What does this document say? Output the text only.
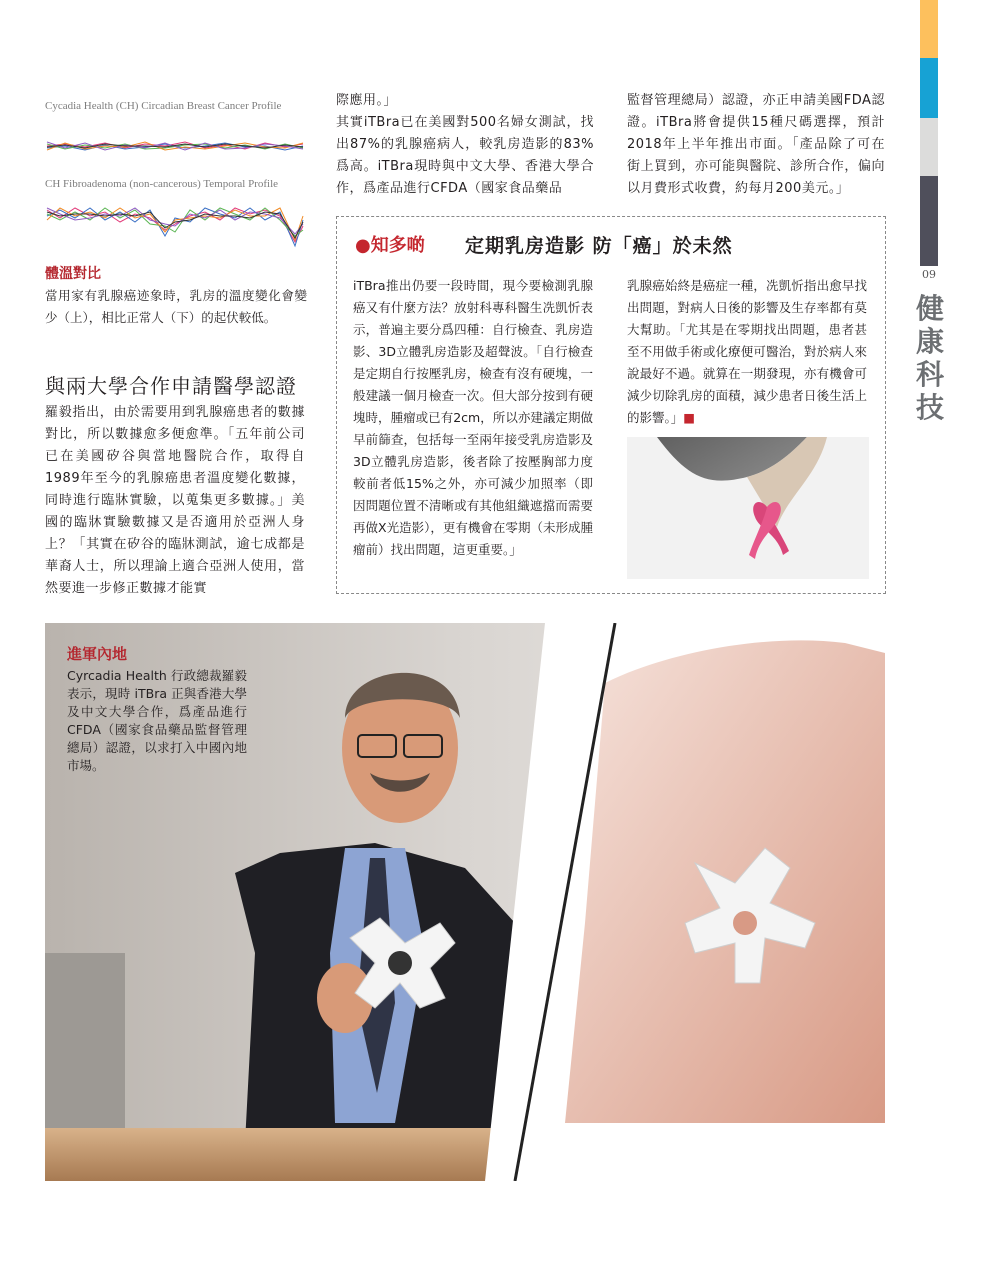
09
健
康
科
技
Cycadia Health (CH) Circadian Breast Cancer Profile
CH Fibroadenoma (non-cancerous) Temporal Profile
體溫對比
當用家有乳腺癌迹象時，乳房的溫度變化會變少（上），相比正常人（下）的起伏較低。
與兩大學合作申請醫學認證
羅毅指出，由於需要用到乳腺癌患者的數據對比，所以數據愈多便愈準。「五年前公司已在美國矽谷與當地醫院合作，取得自1989年至今的乳腺癌患者溫度變化數據，同時進行臨牀實驗，以蒐集更多數據。」美國的臨牀實驗數據又是否適用於亞洲人身上？「其實在矽谷的臨牀測試，逾七成都是華裔人士，所以理論上適合亞洲人使用，當然要進一步修正數據才能實
際應用。」
其實iTBra已在美國對500名婦女測試，找出87%的乳腺癌病人，較乳房造影的83%爲高。iTBra現時與中文大學、香港大學合作，爲產品進行CFDA（國家食品藥品
監督管理總局）認證，亦正申請美國FDA認證。iTBra將會提供15種尺碼選擇，預計2018年上半年推出市面。「產品除了可在街上買到，亦可能與醫院、診所合作，偏向以月費形式收費，約每月200美元。」
●知多啲 定期乳房造影 防「癌」於未然
iTBra推出仍要一段時間，現今要檢測乳腺癌又有什麼方法？放射科專科醫生冼凱忻表示，普遍主要分爲四種：自行檢查、乳房造影、3D立體乳房造影及超聲波。「自行檢查是定期自行按壓乳房，檢查有沒有硬塊，一般建議一個月檢查一次。但大部分按到有硬塊時，腫瘤或已有2cm，所以亦建議定期做早前篩查，包括每一至兩年接受乳房造影及3D立體乳房造影，後者除了按壓胸部力度較前者低15%之外，亦可減少加照率（即因問題位置不清晰或有其他組織遮擋而需要再做X光造影），更有機會在零期（未形成腫瘤前）找出問題，這更重要。」
乳腺癌始終是癌症一種，冼凱忻指出愈早找出問題，對病人日後的影響及生存率都有莫大幫助。「尤其是在零期找出問題，患者甚至不用做手術或化療便可醫治，對於病人來說最好不過。就算在一期發現，亦有機會可減少切除乳房的面積，減少患者日後生活上的影響。」■
進軍內地
Cyrcadia Health 行政總裁羅毅表示，現時 iTBra 正與香港大學及中文大學合作，爲產品進行 CFDA（國家食品藥品監督管理總局）認證，以求打入中國內地市場。
